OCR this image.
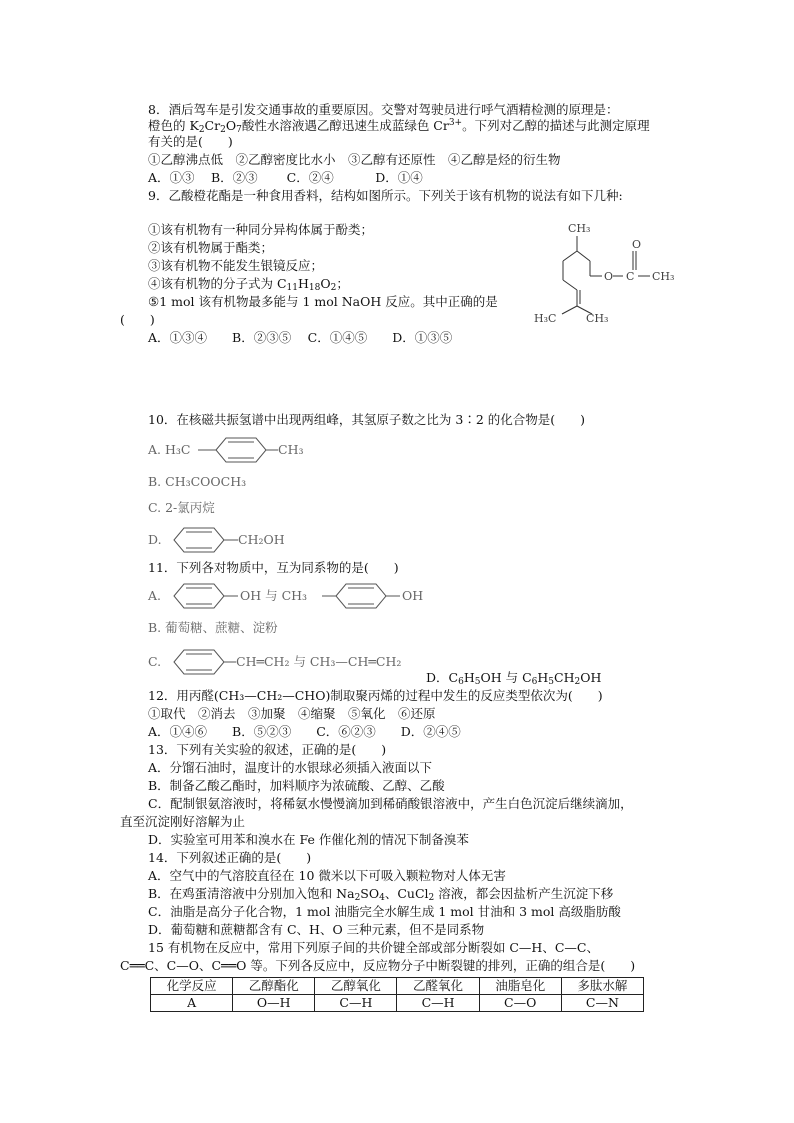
8．酒后驾车是引发交通事故的重要原因。交警对驾驶员进行呼气酒精检测的原理是：
橙色的 $K_2Cr_2O_7$酸性水溶液遇乙醇迅速生成蓝绿色 $Cr^{3+}$。下列对乙醇的描述与此测定原理
有关的是(　　)
①乙醇沸点低　②乙醇密度比水小　③乙醇有还原性　④乙醇是烃的衍生物
A．①③　 B．②③　　 C．②④　　　 D．①④
9．乙酸橙花酯是一种食用香料，结构如图所示。下列关于该有机物的说法有如下几种:
①该有机物有一种同分异构体属于酚类；
②该有机物属于酯类；
③该有机物不能发生银镜反应；
④该有机物的分子式为 $C_{11}H_{18}O_2$；
⑤1 mol 该有机物最多能与 1 mol NaOH 反应。其中正确的是
(　　)
A．①③④　　B．②③⑤　 C．①④⑤　　D．①③⑤
CH₃
O
O C CH₃
H₃C	CH₃
10．在核磁共振氢谱中出现两组峰，其氢原子数之比为 3∶2 的化合物是(　　)
A. H₃C	CH₃
B. CH₃COOCH₃
C. 2-氯丙烷
D.	CH₂OH
11．下列各对物质中，互为同系物的是(　　)
A.	OH 与 CH₃	OH
B. 葡萄糖、蔗糖、淀粉
C.	CH═CH₂ 与 CH₃—CH═CH₂
D．$C_6H_5OH$ 与 $C_6H_5CH_2OH$
12．用丙醛(CH₃—CH₂—CHO)制取聚丙烯的过程中发生的反应类型依次为(　　)
①取代　②消去　③加聚　④缩聚　⑤氧化　⑥还原
A．①④⑥　　B．⑤②③　　C．⑥②③　　D．②④⑤
13．下列有关实验的叙述，正确的是(　　)
A．分馏石油时，温度计的水银球必须插入液面以下
B．制备乙酸乙酯时，加料顺序为浓硫酸、乙醇、乙酸
C．配制银氨溶液时，将稀氨水慢慢滴加到稀硝酸银溶液中，产生白色沉淀后继续滴加，
直至沉淀刚好溶解为止
D．实验室可用苯和溴水在 Fe 作催化剂的情况下制备溴苯
14．下列叙述正确的是(　　)
A．空气中的气溶胶直径在 10 微米以下可吸入颗粒物对人体无害
B．在鸡蛋清溶液中分别加入饱和 $Na_2SO_4$、CuCl$_2$ 溶液，都会因盐析产生沉淀下移
C．油脂是高分子化合物，1 mol 油脂完全水解生成 1 mol 甘油和 3 mol 高级脂肪酸
D．葡萄糖和蔗糖都含有 C、H、O 三种元素，但不是同系物
15 有机物在反应中，常用下列原子间的共价键全部或部分断裂如 C—H、C—C、
C══C、C—O、C══O 等。下列各反应中，反应物分子中断裂键的排列，正确的组合是(　　)
化学反应	乙醇酯化	乙醇氧化	乙醛氧化	油脂皂化	多肽水解
A	O—H	C—H	C—H	C—O	C—N
